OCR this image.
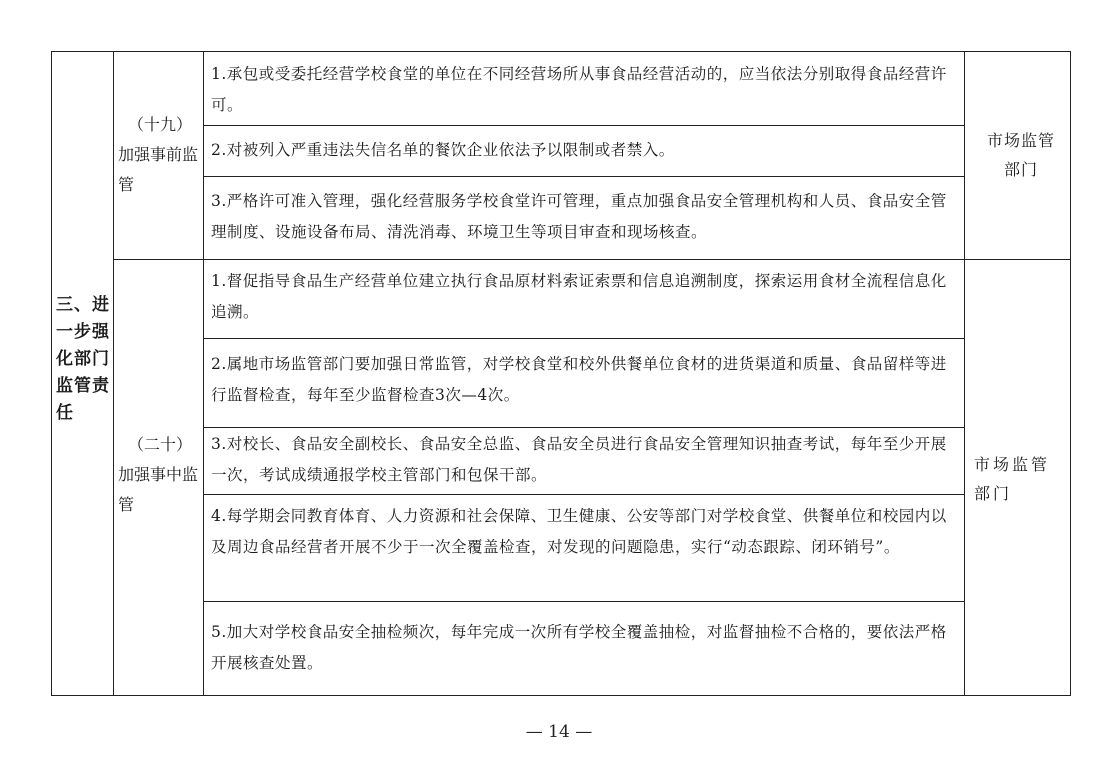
三、进一步强化部门监管责任
（十九）
加强事前监管
（二十）
加强事中监管
1.承包或受委托经营学校食堂的单位在不同经营场所从事食品经营活动的，应当依法分别取得食品经营许可。
2.对被列入严重违法失信名单的餐饮企业依法予以限制或者禁入。
3.严格许可准入管理，强化经营服务学校食堂许可管理，重点加强食品安全管理机构和人员、食品安全管理制度、设施设备布局、清洗消毒、环境卫生等项目审查和现场核查。
1.督促指导食品生产经营单位建立执行食品原材料索证索票和信息追溯制度，探索运用食材全流程信息化追溯。
2.属地市场监管部门要加强日常监管，对学校食堂和校外供餐单位食材的进货渠道和质量、食品留样等进行监督检查，每年至少监督检查3次—4次。
3.对校长、食品安全副校长、食品安全总监、食品安全员进行食品安全管理知识抽查考试，每年至少开展一次，考试成绩通报学校主管部门和包保干部。
4.每学期会同教育体育、人力资源和社会保障、卫生健康、公安等部门对学校食堂、供餐单位和校园内以及周边食品经营者开展不少于一次全覆盖检查，对发现的问题隐患，实行“动态跟踪、闭环销号”。
5.加大对学校食品安全抽检频次，每年完成一次所有学校全覆盖抽检，对监督抽检不合格的，要依法严格开展核查处置。
市场监管部门
市场监管部门
— 14 —
